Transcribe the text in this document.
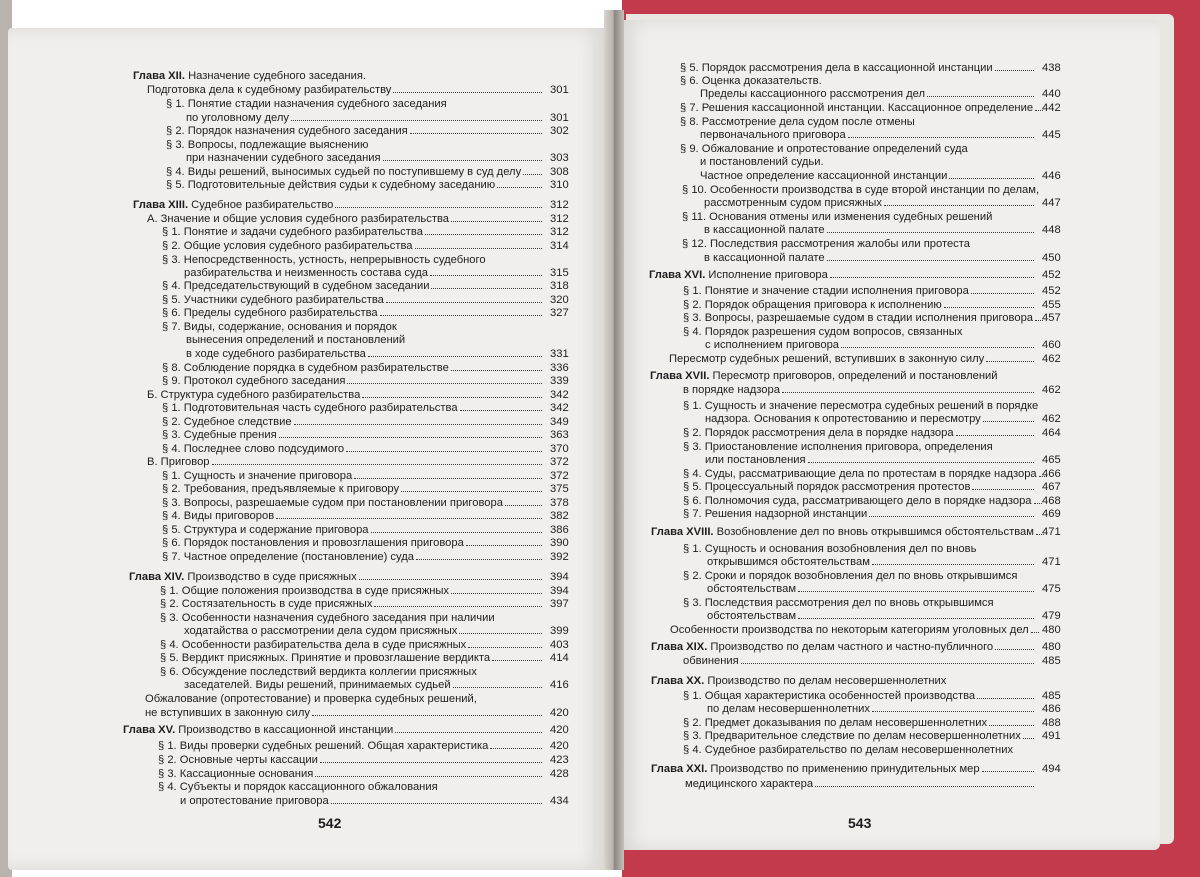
Глава XII. Назначение судебного заседания.
Подготовка дела к судебному разбирательству	301
§ 1. Понятие стадии назначения судебного заседания
по уголовному делу	301
§ 2. Порядок назначения судебного заседания	302
§ 3. Вопросы, подлежащие выяснению
при назначении судебного заседания	303
§ 4. Виды решений, выносимых судьей по поступившему в суд делу	308
§ 5. Подготовительные действия судьи к судебному заседанию	310
Глава XIII. Судебное разбирательство	312
А. Значение и общие условия судебного разбирательства	312
§ 1. Понятие и задачи судебного разбирательства	312
§ 2. Общие условия судебного разбирательства	314
§ 3. Непосредственность, устность, непрерывность судебного
разбирательства и неизменность состава суда	315
§ 4. Председательствующий в судебном заседании	318
§ 5. Участники судебного разбирательства	320
§ 6. Пределы судебного разбирательства	327
§ 7. Виды, содержание, основания и порядок
вынесения определений и постановлений
в ходе судебного разбирательства	331
§ 8. Соблюдение порядка в судебном разбирательстве	336
§ 9. Протокол судебного заседания	339
Б. Структура судебного разбирательства	342
§ 1. Подготовительная часть судебного разбирательства	342
§ 2. Судебное следствие	349
§ 3. Судебные прения	363
§ 4. Последнее слово подсудимого	370
В. Приговор	372
§ 1. Сущность и значение приговора	372
§ 2. Требования, предъявляемые к приговору	375
§ 3. Вопросы, разрешаемые судом при постановлении приговора	378
§ 4. Виды приговоров	382
§ 5. Структура и содержание приговора	386
§ 6. Порядок постановления и провозглашения приговора	390
§ 7. Частное определение (постановление) суда	392
Глава XIV. Производство в суде присяжных	394
§ 1. Общие положения производства в суде присяжных	394
§ 2. Состязательность в суде присяжных	397
§ 3. Особенности назначения судебного заседания при наличии
ходатайства о рассмотрении дела судом присяжных	399
§ 4. Особенности разбирательства дела в суде присяжных	403
§ 5. Вердикт присяжных. Принятие и провозглашение вердикта	414
§ 6. Обсуждение последствий вердикта коллегии присяжных
заседателей. Виды решений, принимаемых судьей	416
Обжалование (опротестование) и проверка судебных решений,
не вступивших в законную силу	420
Глава XV. Производство в кассационной инстанции	420
§ 1. Виды проверки судебных решений. Общая характеристика	420
§ 2. Основные черты кассации	423
§ 3. Кассационные основания	428
§ 4. Субъекты и порядок кассационного обжалования
и опротестование приговора	434
§ 5. Порядок рассмотрения дела в кассационной инстанции	438
§ 6. Оценка доказательств.
Пределы кассационного рассмотрения дел	440
§ 7. Решения кассационной инстанции. Кассационное определение 442
§ 8. Рассмотрение дела судом после отмены
первоначального приговора	445
§ 9. Обжалование и опротестование определений суда
и постановлений судьи.
Частное определение кассационной инстанции	446
§ 10. Особенности производства в суде второй инстанции по делам,
рассмотренным судом присяжных	447
§ 11. Основания отмены или изменения судебных решений
в кассационной палате	448
§ 12. Последствия рассмотрения жалобы или протеста
в кассационной палате	450
Глава XVI. Исполнение приговора	452
§ 1. Понятие и значение стадии исполнения приговора	452
§ 2. Порядок обращения приговора к исполнению	455
§ 3. Вопросы, разрешаемые судом в стадии исполнения приговора 457
§ 4. Порядок разрешения судом вопросов, связанных
с исполнением приговора	460
Пересмотр судебных решений, вступивших в законную силу	462
Глава XVII. Пересмотр приговоров, определений и постановлений
в порядке надзора	462
§ 1. Сущность и значение пересмотра судебных решений в порядке
надзора. Основания к опротестованию и пересмотру	462
§ 2. Порядок рассмотрения дела в порядке надзора	464
§ 3. Приостановление исполнения приговора, определения
или постановления	465
§ 4. Суды, рассматривающие дела по протестам в порядке надзора 466
§ 5. Процессуальный порядок рассмотрения протестов	467
§ 6. Полномочия суда, рассматривающего дело в порядке надзора 468
§ 7. Решения надзорной инстанции	469
Глава XVIII. Возобновление дел по вновь открывшимся обстоятельствам 471
§ 1. Сущность и основания возобновления дел по вновь
открывшимся обстоятельствам	471
§ 2. Сроки и порядок возобновления дел по вновь открывшимся
обстоятельствам	475
§ 3. Последствия рассмотрения дел по вновь открывшимся
обстоятельствам	479
Особенности производства по некоторым категориям уголовных дел	480
Глава XIX. Производство по делам частного и частно-публичного	480
обвинения	485
Глава XX. Производство по делам несовершеннолетних
§ 1. Общая характеристика особенностей производства	485
по делам несовершеннолетних	486
§ 2. Предмет доказывания по делам несовершеннолетних	488
§ 3. Предварительное следствие по делам несовершеннолетних	491
§ 4. Судебное разбирательство по делам несовершеннолетних
Глава XXI. Производство по применению принудительных мер	494
медицинского характера
542	543
